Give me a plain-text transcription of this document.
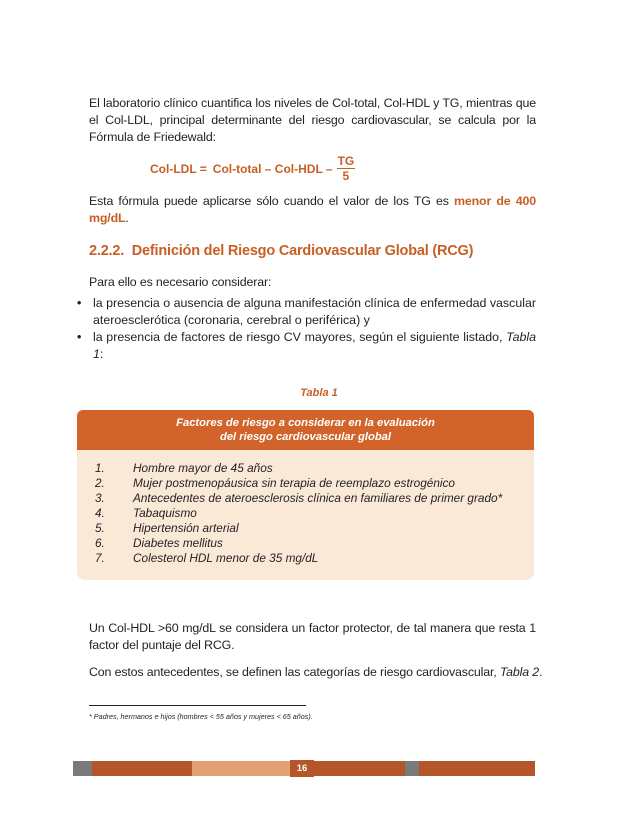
El laboratorio clínico cuantifica los niveles de Col-total, Col-HDL y TG, mientras que el Col-LDL, principal determinante del riesgo cardiovascular, se calcula por la Fórmula de Friedewald:
Col-LDL = Col-total – $Col-HDL - \frac{TG}{5}$
Esta fórmula puede aplicarse sólo cuando el valor de los TG es menor de 400 mg/dL.
2.2.2. Definición del Riesgo Cardiovascular Global (RCG)
Para ello es necesario considerar:
• la presencia o ausencia de alguna manifestación clínica de enfermedad vascular ateroesclerótica (coronaria, cerebral o periférica) y
• la presencia de factores de riesgo CV mayores, según el siguiente listado, Tabla 1:
Tabla 1
Factores de riesgo a considerar en la evaluación
del riesgo cardiovascular global
1. Hombre mayor de 45 años
2. Mujer postmenopáusica sin terapia de reemplazo estrogénico
3. Antecedentes de ateroesclerosis clínica en familiares de primer grado*
4. Tabaquismo
5. Hipertensión arterial
6. Diabetes mellitus
7. Colesterol HDL menor de 35 mg/dL
Un Col-HDL >60 mg/dL se considera un factor protector, de tal manera que resta 1 factor del puntaje del RCG.
Con estos antecedentes, se definen las categorías de riesgo cardiovascular, Tabla 2.
* Padres, hermanos e hijos (hombres < 55 años y mujeres < 65 años).
16
